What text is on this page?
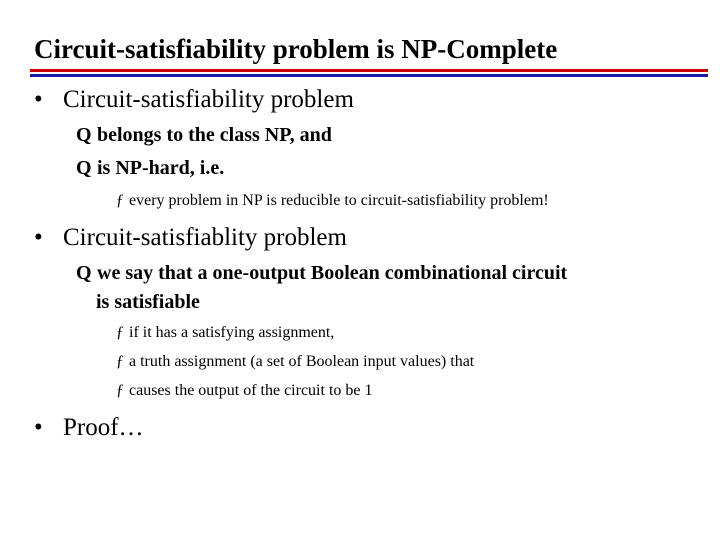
Circuit-satisfiability problem is NP-Complete
• Circuit-satisfiability problem
Q belongs to the class NP, and
Q is NP-hard, i.e.
ƒ every problem in NP is reducible to circuit-satisfiability problem!
• Circuit-satisfiablity problem
Q we say that a one-output Boolean combinational circuit
is satisfiable
ƒ if it has a satisfying assignment,
ƒ a truth assignment (a set of Boolean input values) that
ƒ causes the output of the circuit to be 1
• Proof…
